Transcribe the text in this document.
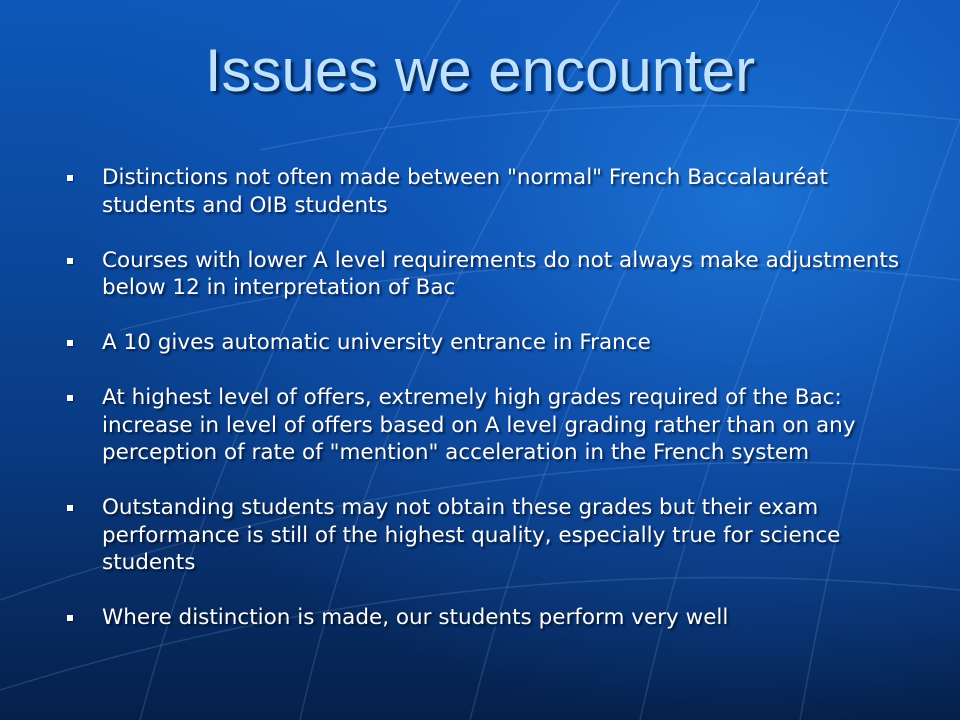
Issues we encounter
Distinctions not often made between "normal" French Baccalauréat students and OIB students
Courses with lower A level requirements do not always make adjustments below 12 in interpretation of Bac
A 10 gives automatic university entrance in France
At highest level of offers, extremely high grades required of the Bac: increase in level of offers based on A level grading rather than on any perception of rate of "mention" acceleration in the French system
Outstanding students may not obtain these grades but their exam performance is still of the highest quality, especially true for science students
Where distinction is made, our students perform very well
